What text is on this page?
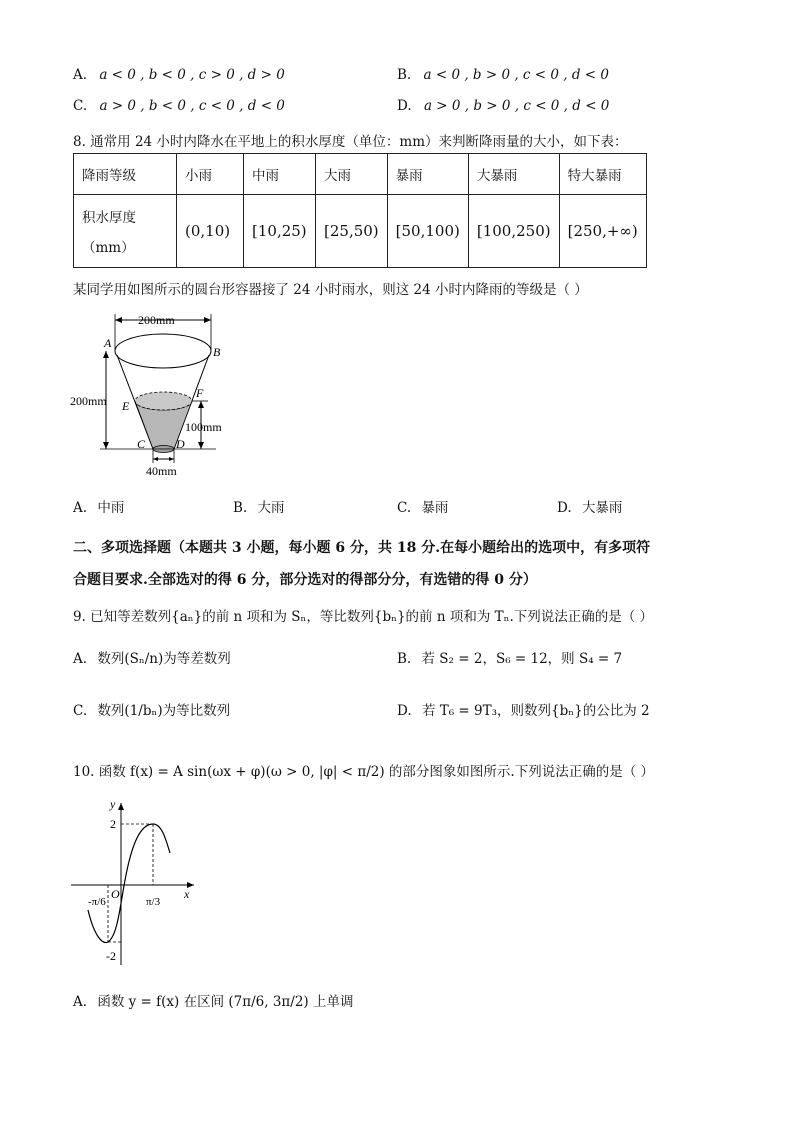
A. a < 0 , b < 0 , c > 0 , d > 0	B. a < 0 , b > 0 , c < 0 , d < 0
C. a > 0 , b < 0 , c < 0 , d < 0	D. a > 0 , b > 0 , c < 0 , d < 0
8. 通常用 24 小时内降水在平地上的积水厚度（单位：mm）来判断降雨量的大小，如下表：
降雨等级	小雨	中雨	大雨	暴雨	大暴雨	特大暴雨

积水厚度
（mm）	(0,10)	[10,25)	[25,50)	[50,100)	[100,250)	[250,+∞)
某同学用如图所示的圆台形容器接了 24 小时雨水，则这 24 小时内降雨的等级是（ ）
200mm
200mm
100mm
40mm
A
B
E
F
C	D
A. 中雨	B. 大雨	C. 暴雨	D. 大暴雨
二、多项选择题（本题共 3 小题，每小题 6 分，共 18 分.在每小题给出的选项中，有多项符
合题目要求.全部选对的得 6 分，部分选对的得部分分，有选错的得 0 分）
9. 已知等差数列{aₙ}的前 n 项和为 Sₙ，等比数列{bₙ}的前 n 项和为 Tₙ.下列说法正确的是（ ）
A. 数列(Sₙ/n)为等差数列	B. 若 S₂ = 2，S₆ = 12，则 S₄ = 7
C. 数列(1/bₙ)为等比数列	D. 若 T₆ = 9T₃，则数列{bₙ}的公比为 2
10. 函数 f(x) = A sin(ωx + φ)(ω > 0, |φ| < π/2) 的部分图象如图所示.下列说法正确的是（ ）
y
x
O
2
-2
-π/6	π/3
A. 函数 y = f(x) 在区间 (7π/6, 3π/2) 上单调
